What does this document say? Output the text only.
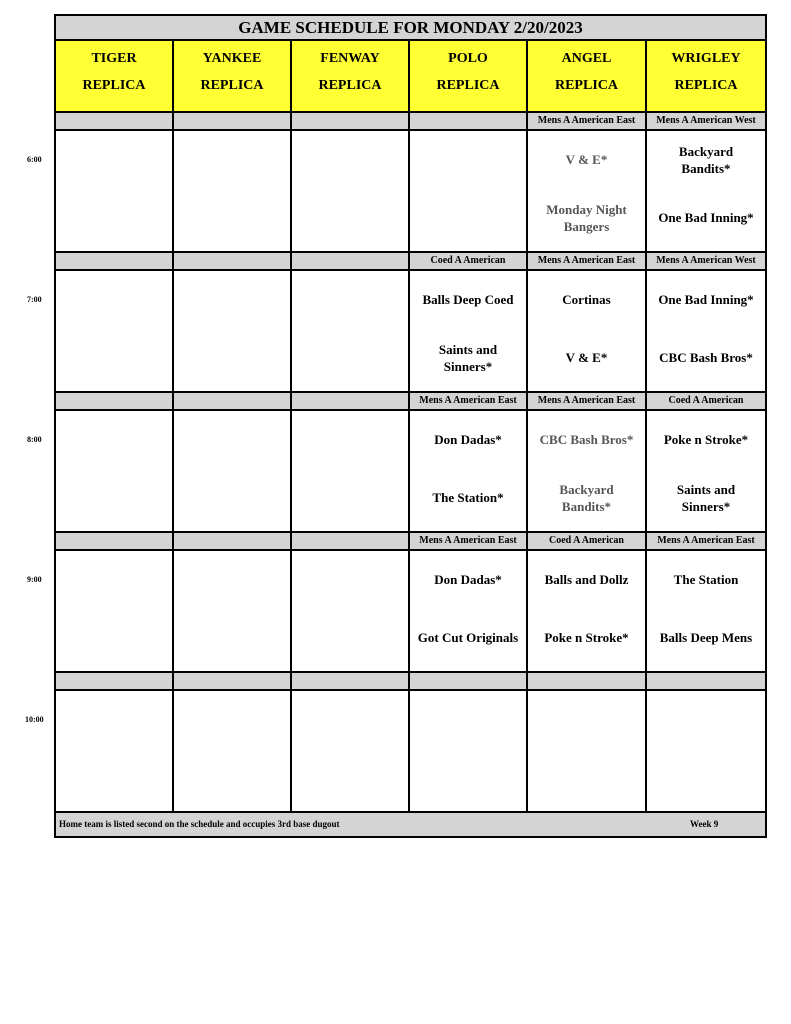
GAME SCHEDULE FOR MONDAY 2/20/2023
Home team is listed second on the schedule and occupies 3rd base dugout	Week 9
TIGER
REPLICA
YANKEE
REPLICA
FENWAY
REPLICA
POLO
REPLICA
ANGEL
REPLICA
WRIGLEY
REPLICA
Mens A American East
V & E*
Monday Night Bangers
Mens A American West
Backyard Bandits*
One Bad Inning*
Coed A American
Balls Deep Coed
Saints and Sinners*
Mens A American East
Cortinas
V & E*
Mens A American West
One Bad Inning*
CBC Bash Bros*
Mens A American East
Don Dadas*
The Station*
Mens A American East
CBC Bash Bros*
Backyard Bandits*
Coed A American
Poke n Stroke*
Saints and Sinners*
Mens A American East
Don Dadas*
Got Cut Originals
Coed A American
Balls and Dollz
Poke n Stroke*
Mens A American East
The Station
Balls Deep Mens
6:00
7:00
8:00
9:00
10:00
